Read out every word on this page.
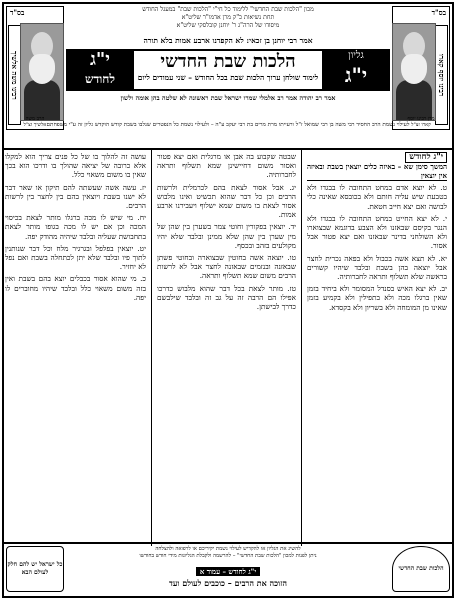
מכון "הלכות שבת החדשי" ללימוד כל חי"י "הלכות שבת" במעגל החודש
תחת נשיאות כ"ק מרן אדמו"ר שליט"א
מיסודו של הרה"ג ר' יוחנן קובלסקי שליט"א
בס"ד
רבינו משה אלשיך
הרב משה אלשיך זצ"ל
בס"ד
רבינו יוסף קארו
מרן רבינו יוסף קארו זצ"ל
אמר רבי יוחנן בן זכאי: לא הקפדנו ארבע אמות בלא תורה
גליון
י"ג
הלכות שבת החדשי
לימוד שולחן ערוך הלכות שבת בכל החודש – שני עמודים ליום
י"ג
לחודש
אמר רב יהודה אמר רב אלמלי שמרו ישראל שבת ראשונה לא שלטה בהן אומה ולשון
לעילוי נשמת הרב החסיד רבי משה בן רבי שמואל ז"ל ורעייתו מרת מרים בת רבי יעקב ע"ה – ולעילוי נשמת כל הנפטרים שנלבו בשבת קודש הוקדש גליון זה ע"י משפחתם
י"ג לחודש
המשך סימן שא – באיזה כלים יוצאין בשבת ובאיזה אין יוצאין

ט. לא יוצא אדם במחט התחובה לו בבגדו ולא בטבעת שיש עליה חותם ולא בכובסא שאינה כלי לבושה ואם יצא חייב חטאת.

י. לא יצא החייט במחט התחובה לו בבגדו ולא הנגר בקיסם שבאזנו ולא הצבע בדוגמא שבצוארו ולא השולחני בדינר שבאזנו ואם יצא פטור אבל אסור.

יא. לא תצא אשה בכבול ולא בפאה נכרית לחצר אבל יוצאה בהן בשבת ובלבד שיהיו קשורים בראשה שלא תשלוף ותראה לחברותיה.

יב. לא יצא האיש בסנדל המסומר ולא ביחיד בזמן שאין ברגלו מכה ולא בתפילין ולא בקמיע בזמן שאינו מן המומחה ולא בשריון ולא בקסדא.

שבטה שקבוע בה אבן או מרגלית ואם יצא פטור ואסור משום דחיישינן שמא תשלוף ותראה לחברותיה.

יג. אבל אסור לצאת בהם לכרמלית ולרשות הרבים וכן כל דבר שהוא תכשיט ואינו מלבוש אסור לצאת בו משום שמא ישלוף ויעבירנו ארבע אמות.

יד. יוצאין בפקורין וחוטי צמר בשערן בין שהן של מין שערן בין שהן שלא ממינן ובלבד שלא יהיו מקולעים בזהב ובכסף.

טו. יוצאה אשה בחוטין שבצוארה ובחוטי פשתן שבאזנה ובנזמים שבאזנה לחצר אבל לא לרשות הרבים משום שמא תשלוף ותראה.

טז. מותר לצאת בכל דבר שהוא מלבוש כדרכו אפילו הם הרבה זה על גב זה ובלבד שילבשם כדרך לבישתן.

עושה זה להלוך בו של כל פנים צריך הוא למקלו אלא כרובה של יציאה שהולך בו ודרכו הוא בכך שאין בו משום משאוי כלל.

יז. עשה אשה שעשתה להם תיקון או שאר דבר לא ישנו בשבת ויוצאין בהם בין לחצר בין לרשות הרבים.

יח. מי שיש לו מכה ברגלו מותר לצאת בכיסוי המכה וכן אם יש לו מכה בגופו מותר לצאת בתחבושת שעליה ובלבד שיהיה מהודק יפה.

יט. יוצאין בפלפל ובגרגיר מלח וכל דבר שנותנין לתוך פיו ובלבד שלא יתן לכתחלה בשבת ואם נפל לא יחזיר.

כ. מי שהוא אסור בכבלים יוצא בהם בשבת ואין בזה משום משאוי כלל ובלבד שיהיו מחוברים לו יפה.

כל ישראל יש להם חלק לעולם הבא
להשיג את הגליון או להקדיש לעילוי נשמת יקיריכם או לרפואה ולהצלחה
ניתן לפנות למכון "הלכות שבת החדשי" – להרשמה ולקבלת הגליונות מידי חודש בחודשו
י"ג לחודש – עמוד א
הזוכה את הרבים – כוכבים לעולם ועד
הלכות שבת החדשי
